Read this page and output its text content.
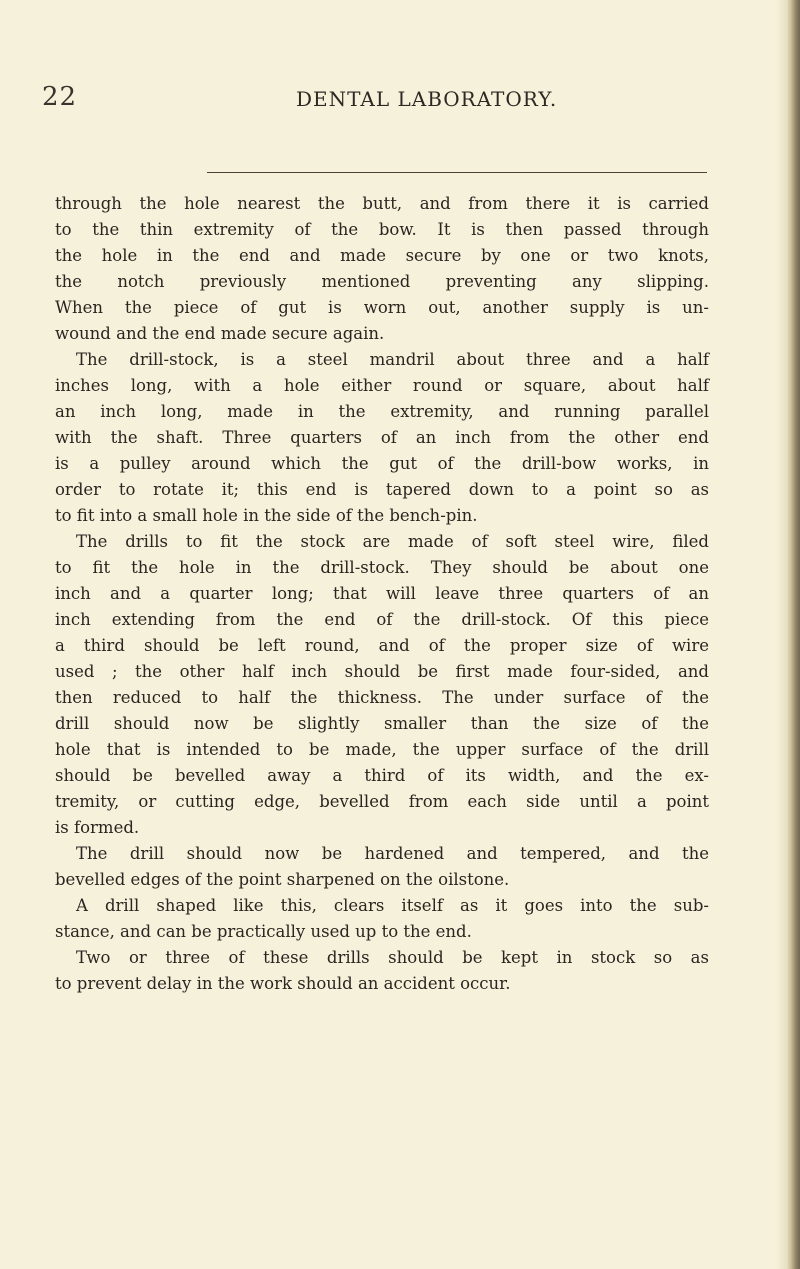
22	DENTAL LABORATORY.
through the hole nearest the butt, and from there it is carried
to the thin extremity of the bow. It is then passed through
the hole in the end and made secure by one or two knots,
the notch previously mentioned preventing any slipping.
When the piece of gut is worn out, another supply is un-
wound and the end made secure again.
The drill-stock, is a steel mandril about three and a half
inches long, with a hole either round or square, about half
an inch long, made in the extremity, and running parallel
with the shaft. Three quarters of an inch from the other end
is a pulley around which the gut of the drill-bow works, in
order to rotate it; this end is tapered down to a point so as
to fit into a small hole in the side of the bench-pin.
The drills to fit the stock are made of soft steel wire, filed
to fit the hole in the drill-stock. They should be about one
inch and a quarter long; that will leave three quarters of an
inch extending from the end of the drill-stock. Of this piece
a third should be left round, and of the proper size of wire
used ; the other half inch should be first made four-sided, and
then reduced to half the thickness. The under surface of the
drill should now be slightly smaller than the size of the
hole that is intended to be made, the upper surface of the drill
should be bevelled away a third of its width, and the ex-
tremity, or cutting edge, bevelled from each side until a point
is formed.
The drill should now be hardened and tempered, and the
bevelled edges of the point sharpened on the oilstone.
A drill shaped like this, clears itself as it goes into the sub-
stance, and can be practically used up to the end.
Two or three of these drills should be kept in stock so as
to prevent delay in the work should an accident occur.
